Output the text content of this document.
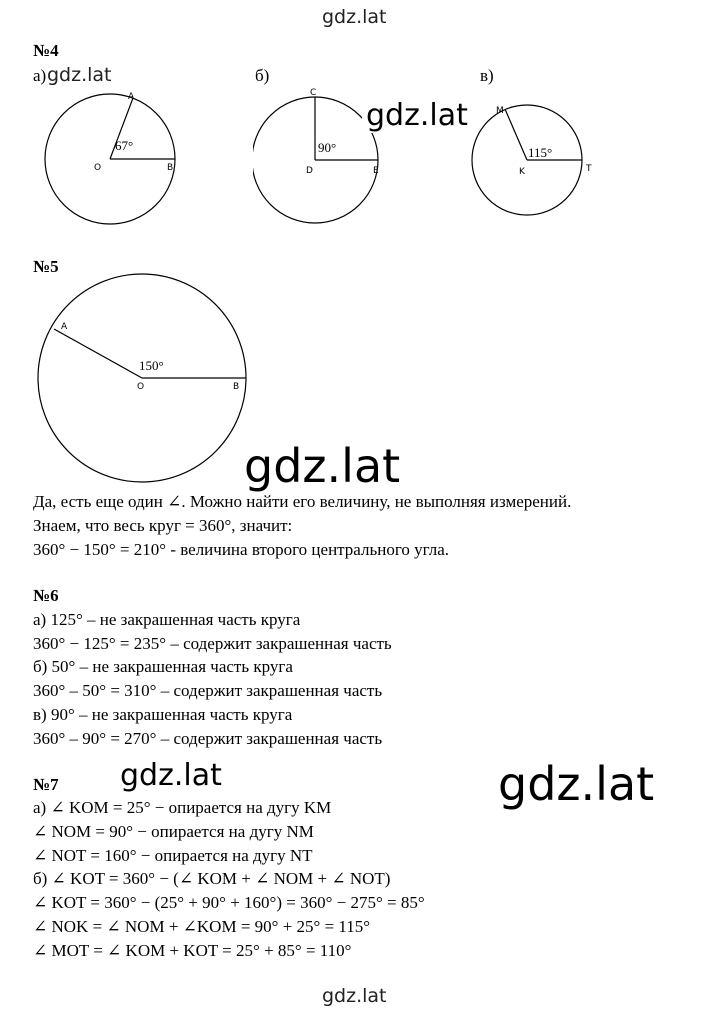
gdz.lat
№4
а) gdz.lat	б)	в)
A
O	B
67°
C
D	E
90°
gdz.lat	M
K	T
115°
№5
A
O	B
150°
gdz.lat
Да, есть еще один ∠. Можно найти его величину, не выполняя измерений.
Знаем, что весь круг = 360°, значит:
360° − 150° = 210° - величина второго центрального угла.
№6
а) 125° – не закрашенная часть круга
360° − 125° = 235° – содержит закрашенная часть
б) 50° – не закрашенная часть круга
360° – 50° = 310° – содержит закрашенная часть
в) 90° – не закрашенная часть круга
360° – 90° = 270° – содержит закрашенная часть
№7 gdz.lat	gdz.lat
а) ∠ KOM = 25° − опирается на дугу KM
∠ NOM = 90° − опирается на дугу NM
∠ NOT = 160° − опирается на дугу NT
б) ∠ KOT = 360° − (∠ KOM + ∠ NOM + ∠ NOT)
∠ KOT = 360° − (25° + 90° + 160°) = 360° − 275° = 85°
∠ NOK = ∠ NOM + ∠KOM = 90° + 25° = 115°
∠ MOT = ∠ KOM + KOT = 25° + 85° = 110°
gdz.lat
